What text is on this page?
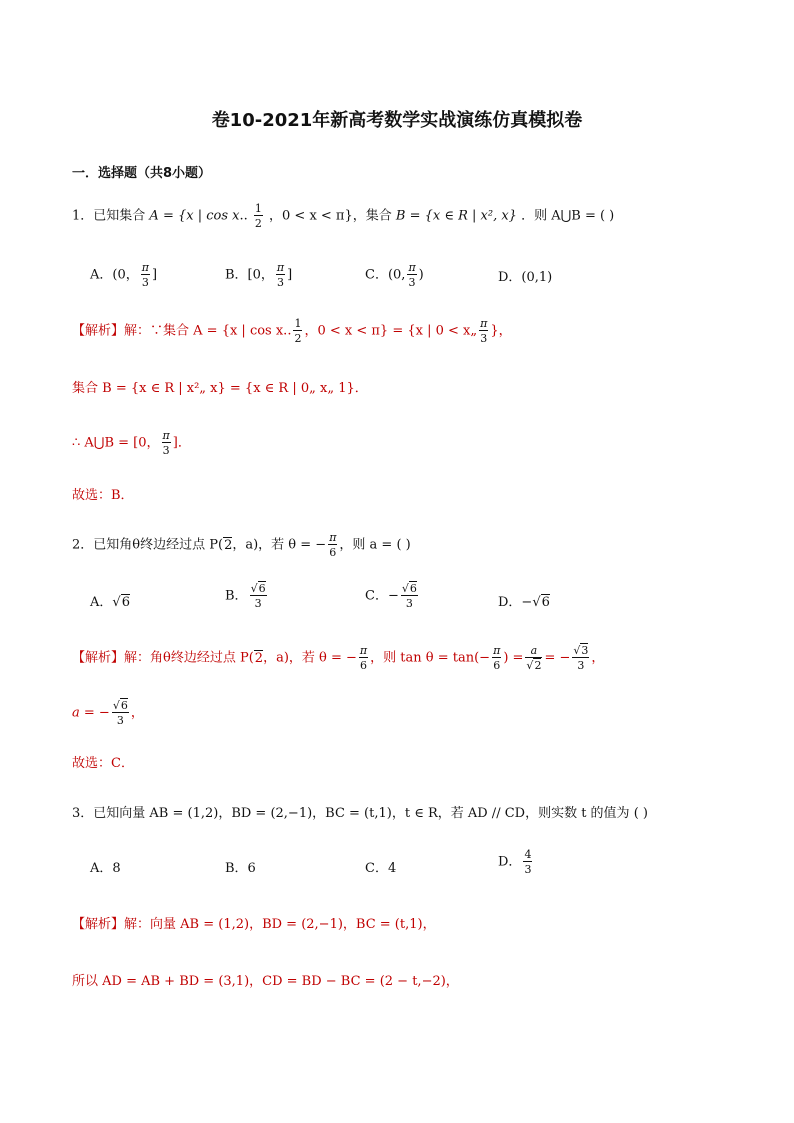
卷10-2021年新高考数学实战演练仿真模拟卷
一．选择题（共8小题）
1．已知集合 A = {x | cos x.. $\frac{1}{2}$ ，0 < x < π}，集合 B = {x ∈ R | x², x} ．则 A⋃B = ( )
A．(0， $\frac{\pi}{3}$ ]	B．[0， $\frac{\pi}{3}$ ]	C．(0, $\frac{\pi}{3}$ )	D．(0,1)
【解析】解：∵集合 A = {x | cos x.. $\frac{1}{2}$ ，0 < x < π} = {x | 0 < x„ $\frac{\pi}{3}$ }，
集合 B = {x ∈ R | x²„ x} = {x ∈ R | 0„ x„ 1}．
∴ A⋃B = [0， $\frac{\pi}{3}$ ]．
故选：B．
2．已知角θ终边经过点 P(2，a)，若 θ = − $\frac{\pi}{6}$ ，则 a = ( )
A．√6	B． $\frac{√6}{3}$	C．− $\frac{√6}{3}$	D．−√6
【解析】解：角θ终边经过点 P(2，a)，若 θ = − $\frac{\pi}{6}$ ，则 $\tan \theta = \tan(- \frac{\pi}{6}$ ) = $\frac{a}{√2}$ = − $\frac{√3}{3}$ ，
a = − $\frac{√6}{3}$ ，
故选：C．
3．已知向量 AB = (1,2)，BD = (2,−1)，BC = (t,1)，t ∈ R，若 AD // CD，则实数 t 的值为 ( )
A．8	B．6	C．4	D． $\frac{4}{3}$
【解析】解：向量 AB = (1,2)，BD = (2,−1)，BC = (t,1)，
所以 AD = AB + BD = (3,1)，CD = BD − BC = (2 − t,−2)，
